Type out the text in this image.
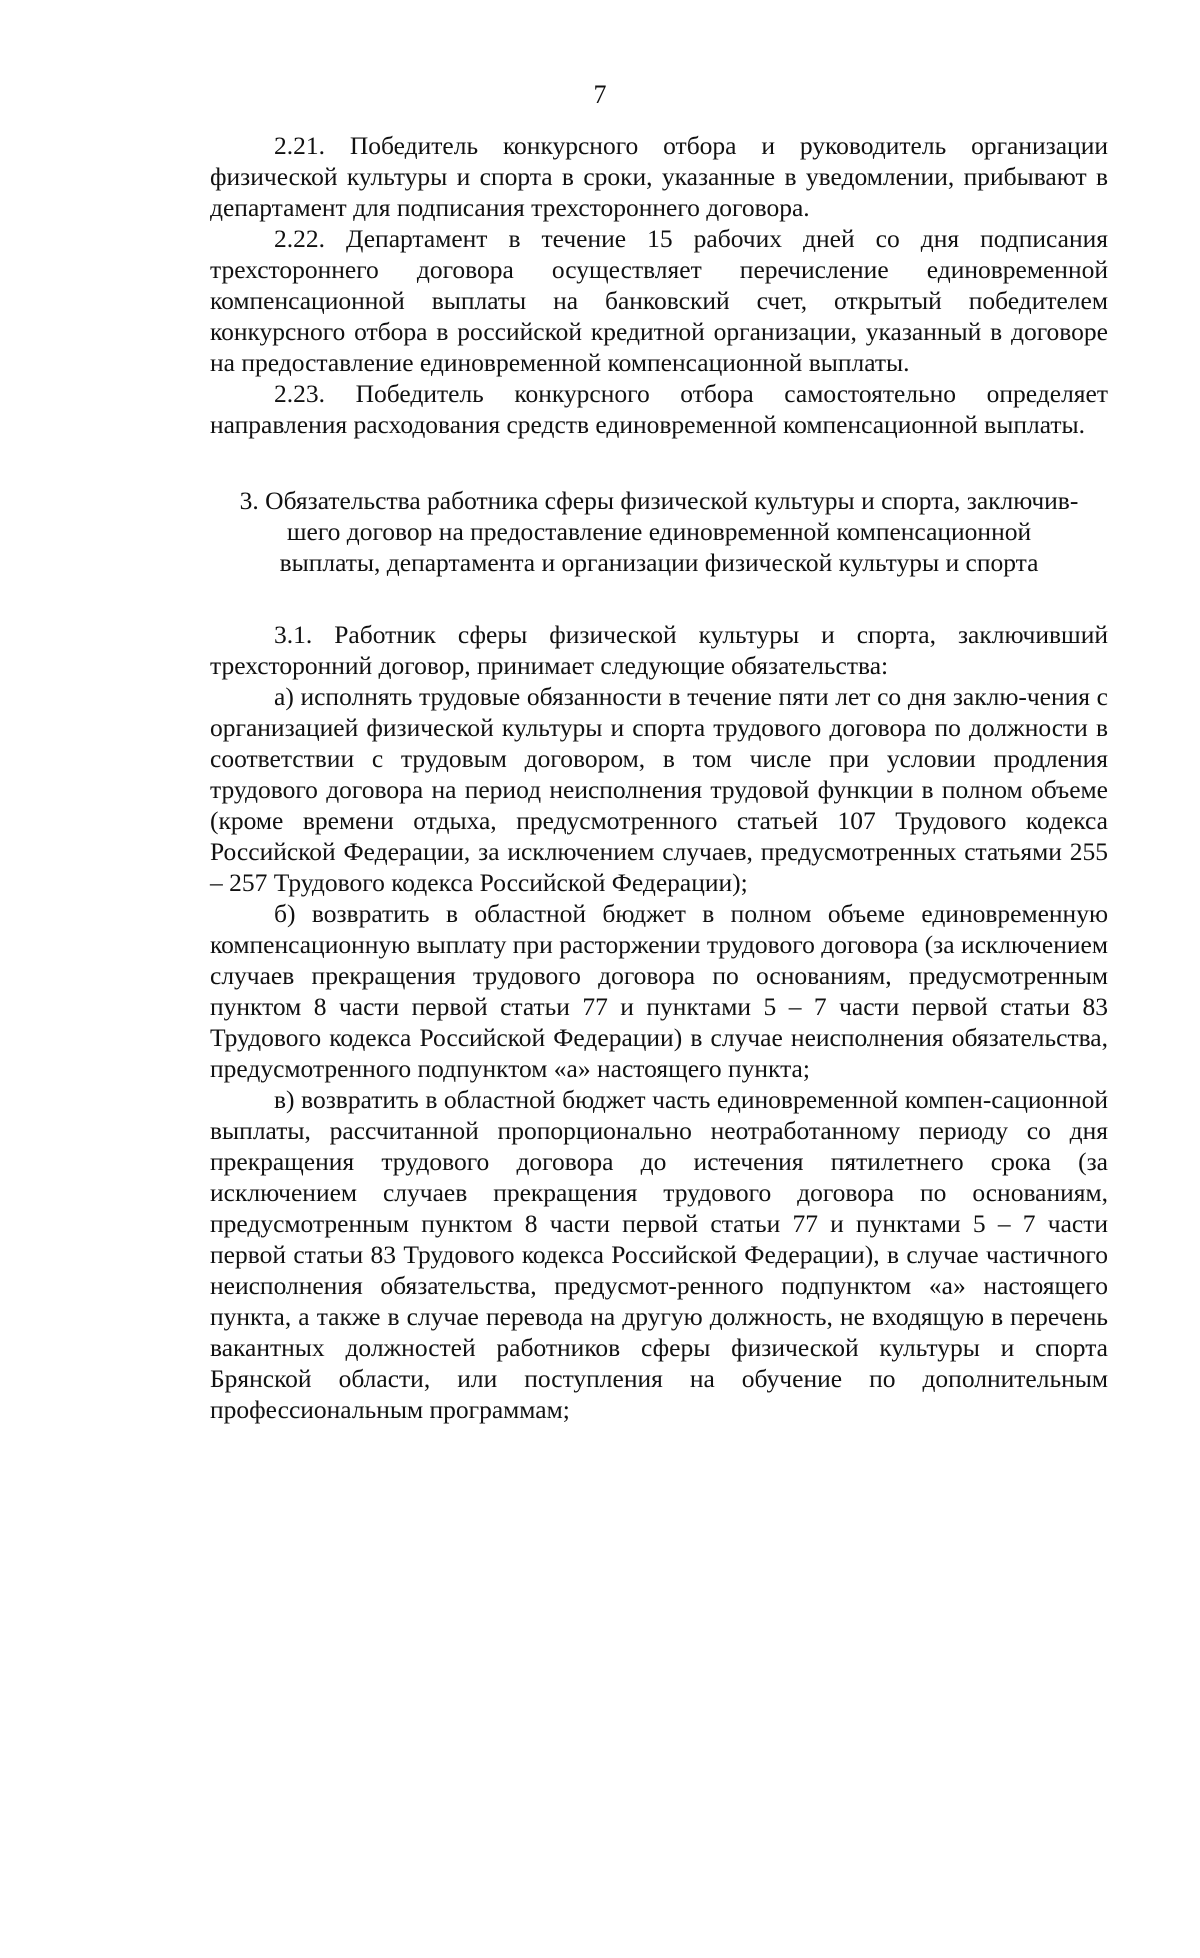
7

2.21. Победитель конкурсного отбора и руководитель организации физической культуры и спорта в сроки, указанные в уведомлении, прибывают в департамент для подписания трехстороннего договора.

2.22. Департамент в течение 15 рабочих дней со дня подписания трехстороннего договора осуществляет перечисление единовременной компенсационной выплаты на банковский счет, открытый победителем конкурсного отбора в российской кредитной организации, указанный в договоре на предоставление единовременной компенсационной выплаты.

2.23. Победитель конкурсного отбора самостоятельно определяет направления расходования средств единовременной компенсационной выплаты.

3. Обязательства работника сферы физической культуры и спорта, заключив-
шего договор на предоставление единовременной компенсационной
выплаты, департамента и организации физической культуры и спорта

3.1. Работник сферы физической культуры и спорта, заключивший трехсторонний договор, принимает следующие обязательства:

а) исполнять трудовые обязанности в течение пяти лет со дня заклю-чения с организацией физической культуры и спорта трудового договора по должности в соответствии с трудовым договором, в том числе при условии продления трудового договора на период неисполнения трудовой функции в полном объеме (кроме времени отдыха, предусмотренного статьей 107 Трудового кодекса Российской Федерации, за исключением случаев, предусмотренных статьями 255 – 257 Трудового кодекса Российской Федерации);

б) возвратить в областной бюджет в полном объеме единовременную компенсационную выплату при расторжении трудового договора (за исключением случаев прекращения трудового договора по основаниям, предусмотренным пунктом 8 части первой статьи 77 и пунктами 5 – 7 части первой статьи 83 Трудового кодекса Российской Федерации) в случае неисполнения обязательства, предусмотренного подпунктом «а» настоящего пункта;

в) возвратить в областной бюджет часть единовременной компен-сационной выплаты, рассчитанной пропорционально неотработанному периоду со дня прекращения трудового договора до истечения пятилетнего срока (за исключением случаев прекращения трудового договора по основаниям, предусмотренным пунктом 8 части первой статьи 77 и пунктами 5 – 7 части первой статьи 83 Трудового кодекса Российской Федерации), в случае частичного неисполнения обязательства, предусмот-ренного подпунктом «а» настоящего пункта, а также в случае перевода на другую должность, не входящую в перечень вакантных должностей работников сферы физической культуры и спорта Брянской области, или поступления на обучение по дополнительным профессиональным программам;
